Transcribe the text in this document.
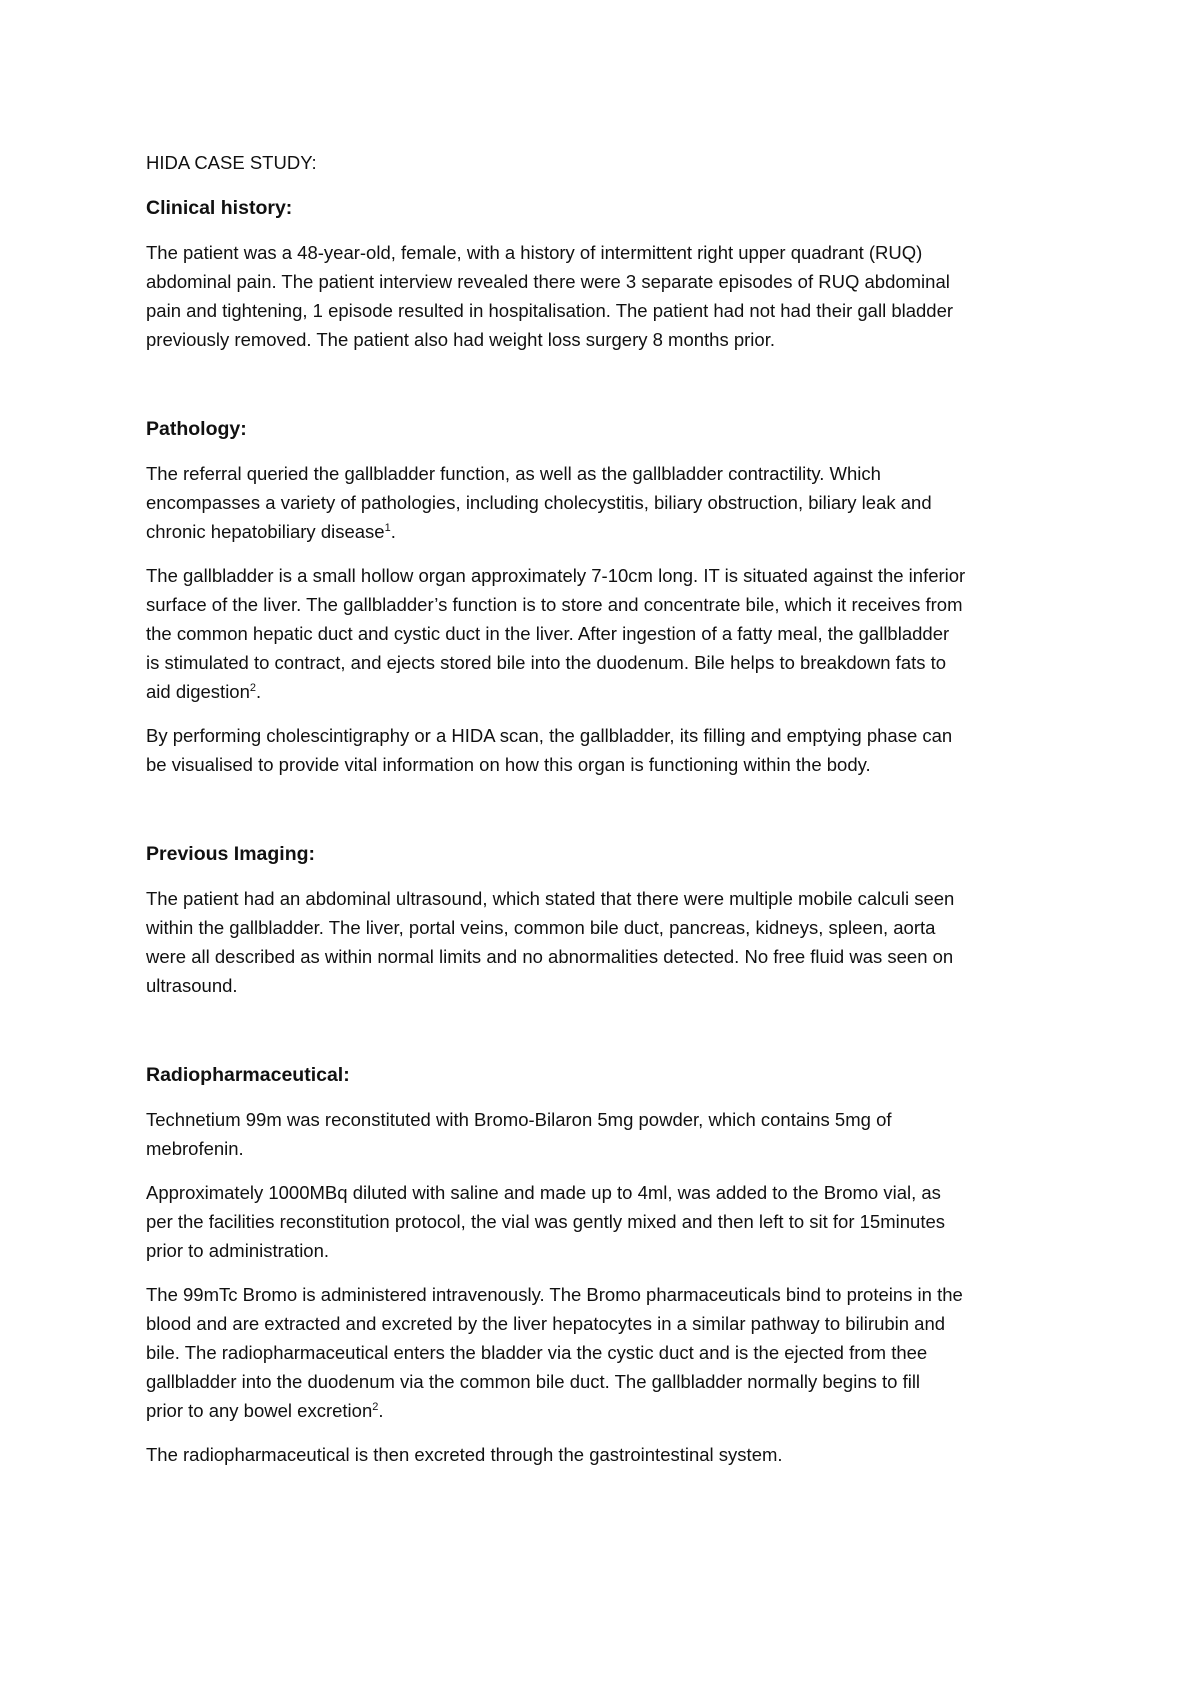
HIDA CASE STUDY:
Clinical history:

The patient was a 48-year-old, female, with a history of intermittent right upper quadrant (RUQ)
abdominal pain. The patient interview revealed there were 3 separate episodes of RUQ abdominal
pain and tightening, 1 episode resulted in hospitalisation. The patient had not had their gall bladder
previously removed. The patient also had weight loss surgery 8 months prior.

Pathology:

The referral queried the gallbladder function, as well as the gallbladder contractility. Which
encompasses a variety of pathologies, including cholecystitis, biliary obstruction, biliary leak and
chronic hepatobiliary disease$^1$.

The gallbladder is a small hollow organ approximately 7-10cm long. IT is situated against the inferior
surface of the liver. The gallbladder’s function is to store and concentrate bile, which it receives from
the common hepatic duct and cystic duct in the liver. After ingestion of a fatty meal, the gallbladder
is stimulated to contract, and ejects stored bile into the duodenum. Bile helps to breakdown fats to
aid digestion$^2$.

By performing cholescintigraphy or a HIDA scan, the gallbladder, its filling and emptying phase can
be visualised to provide vital information on how this organ is functioning within the body.

Previous Imaging:

The patient had an abdominal ultrasound, which stated that there were multiple mobile calculi seen
within the gallbladder. The liver, portal veins, common bile duct, pancreas, kidneys, spleen, aorta
were all described as within normal limits and no abnormalities detected. No free fluid was seen on
ultrasound.

Radiopharmaceutical:

Technetium 99m was reconstituted with Bromo-Bilaron 5mg powder, which contains 5mg of
mebrofenin.

Approximately 1000MBq diluted with saline and made up to 4ml, was added to the Bromo vial, as
per the facilities reconstitution protocol, the vial was gently mixed and then left to sit for 15minutes
prior to administration.

The 99mTc Bromo is administered intravenously. The Bromo pharmaceuticals bind to proteins in the
blood and are extracted and excreted by the liver hepatocytes in a similar pathway to bilirubin and
bile. The radiopharmaceutical enters the bladder via the cystic duct and is the ejected from thee
gallbladder into the duodenum via the common bile duct. The gallbladder normally begins to fill
prior to any bowel excretion$^2$.

The radiopharmaceutical is then excreted through the gastrointestinal system.
